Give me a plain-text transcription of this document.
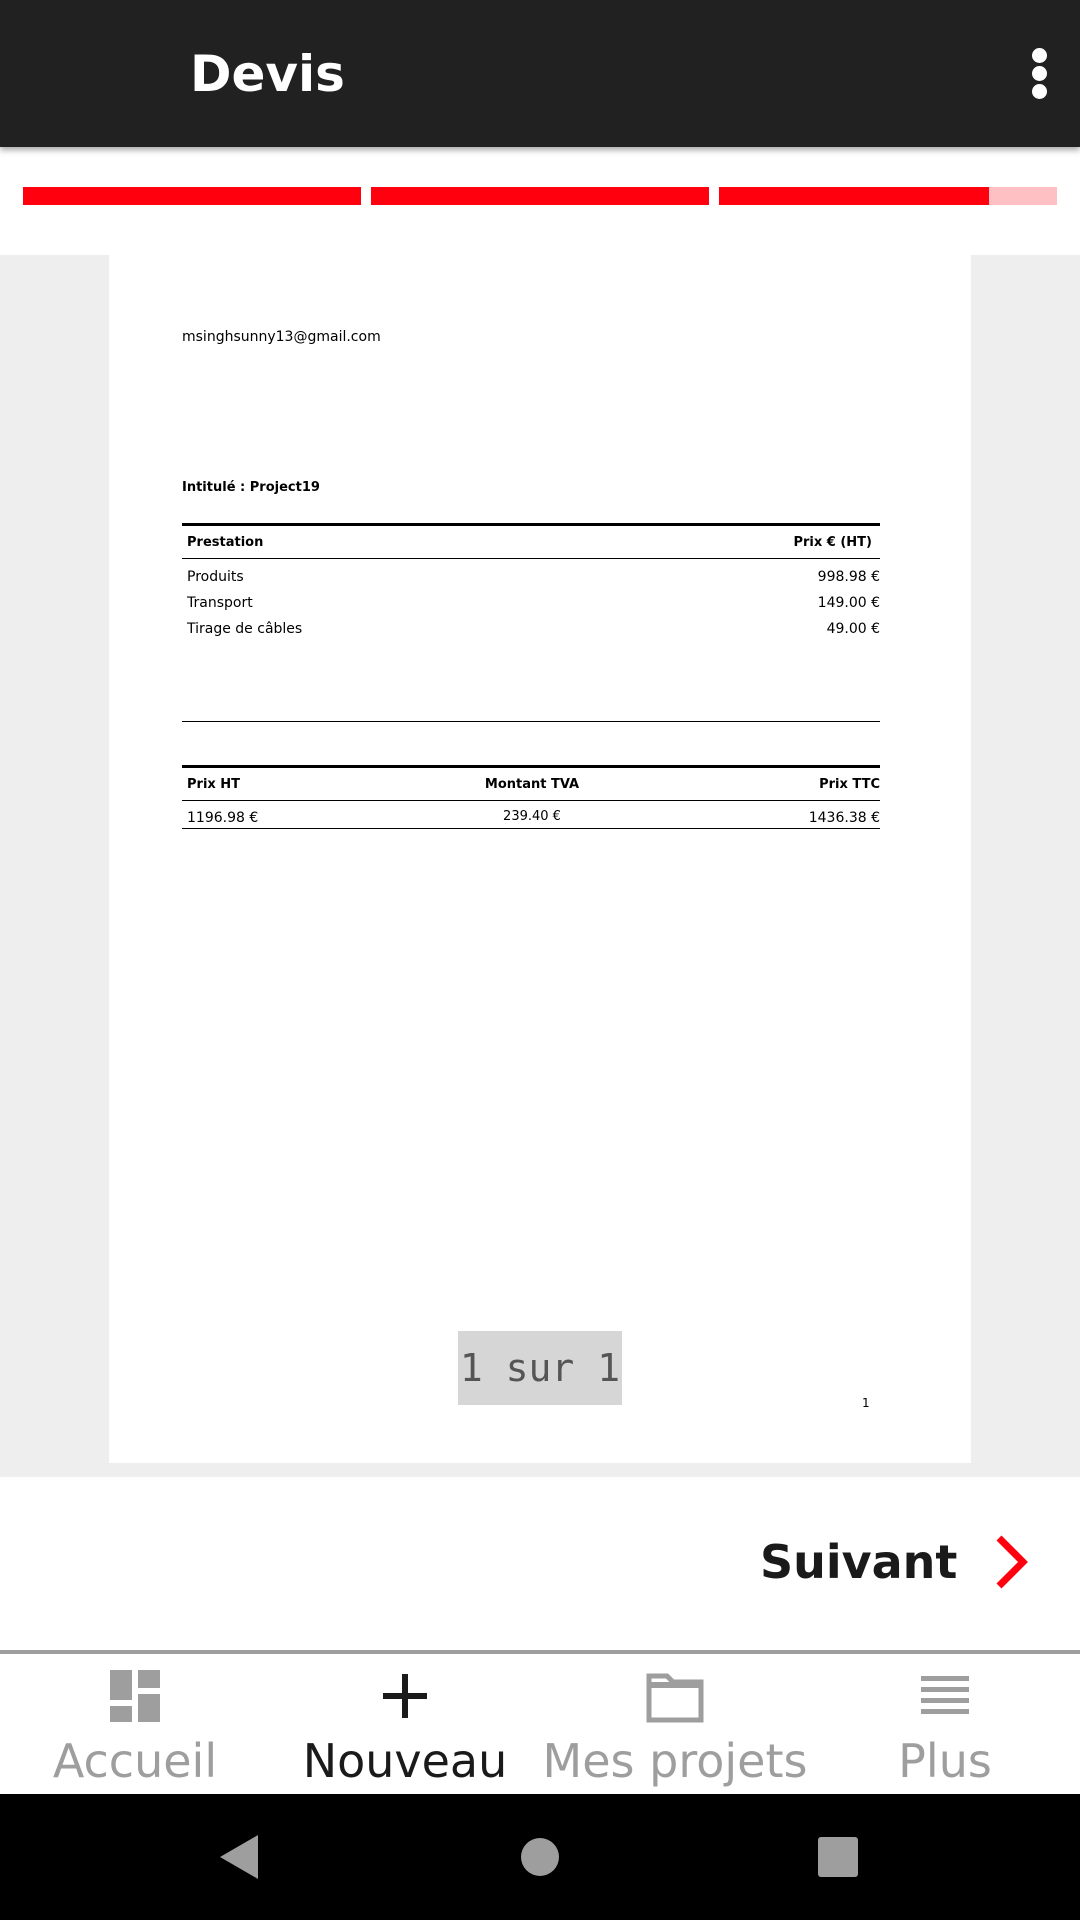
Devis
msinghsunny13@gmail.com
Intitulé : Project19
Prestation	Prix € (HT)
Produits	998.98 €
Transport	149.00 €
Tirage de câbles	49.00 €
Prix HT	Montant TVA	Prix TTC
1196.98 €	239.40 €	1436.38 €
1 sur 1
1
Suivant
Accueil	Nouveau Mes projets	Plus
